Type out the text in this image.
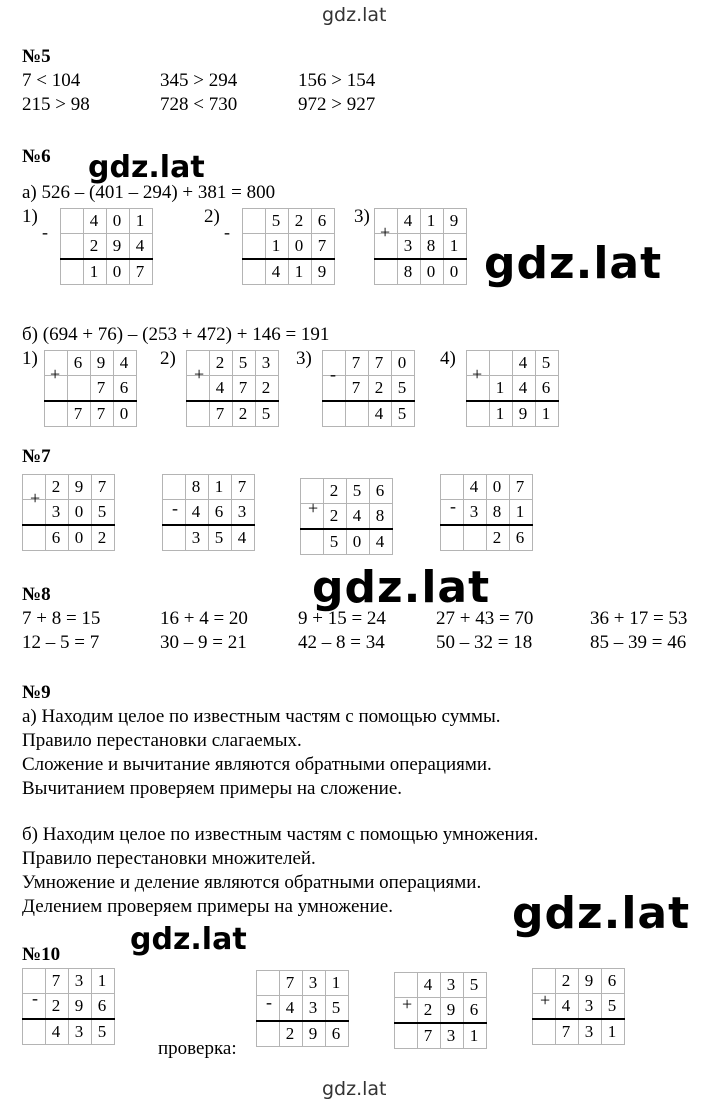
gdz.lat
gdz.lat
gdz.lat
gdz.lat
gdz.lat
gdz.lat
gdz.lat
№5
7 < 104	345 > 294	156 > 154
215 > 98	728 < 730	972 > 927
№6
а) 526 – (401 – 294) + 381 = 800
1)
-
	4	0	1
	2	9	4
	1	0	7
2)
-
	5	2	6
	1	0	7
	4	1	9
3)
+
	4	1	9
	3	8	1
	8	0	0
б) (694 + 76) – (253 + 472) + 146 = 191
1)
+
	6	9	4
		7	6
	7	7	0
2)
+
	2	5	3
	4	7	2
	7	2	5
3)
-
	7	7	0
	7	2	5
		4	5
4)
+
		4	5
	1	4	6
	1	9	1
№7
+
	2	9	7
	3	0	5
	6	0	2
-
	8	1	7
	4	6	3
	3	5	4
+
	2	5	6
	2	4	8
	5	0	4
-
	4	0	7
	3	8	1
		2	6
№8
7 + 8 = 15	16 + 4 = 20	9 + 15 = 24	27 + 43 = 70	36 + 17 = 53
12 – 5 = 7	30 – 9 = 21	42 – 8 = 34	50 – 32 = 18	85 – 39 = 46
№9
а) Находим целое по известным частям с помощью суммы.
Правило перестановки слагаемых.
Сложение и вычитание являются обратными операциями.
Вычитанием проверяем примеры на сложение.
б) Находим целое по известным частям с помощью умножения.
Правило перестановки множителей.
Умножение и деление являются обратными операциями.
Делением проверяем примеры на умножение.
№10
-
	7	3	1
	2	9	6
	4	3	5
проверка:
-
	7	3	1
	4	3	5
	2	9	6
+
	4	3	5
	2	9	6
	7	3	1
+
	2	9	6
	4	3	5
	7	3	1
